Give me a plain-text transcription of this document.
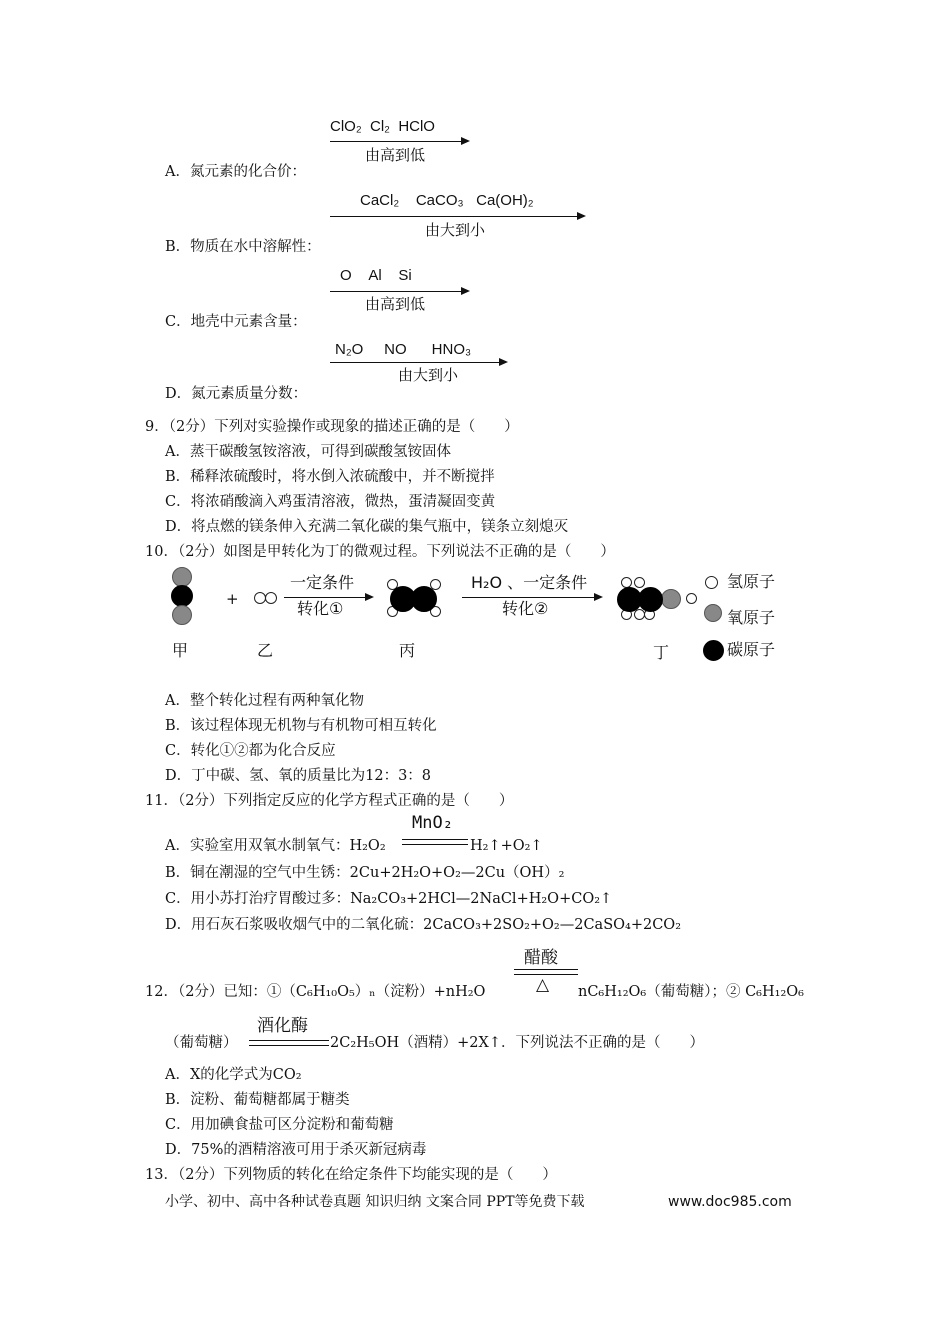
ClO₂  Cl₂  HClO
由高到低
A．氮元素的化合价：
CaCl₂    CaCO₃   Ca(OH)₂
由大到小
B．物质在水中溶解性：
O    Al    Si
由高到低
C．地壳中元素含量：
N₂O     NO      HNO₃
由大到小
D．氮元素质量分数：
9．（2分）下列对实验操作或现象的描述正确的是（　　）
A．蒸干碳酸氢铵溶液，可得到碳酸氢铵固体
B．稀释浓硫酸时，将水倒入浓硫酸中，并不断搅拌
C．将浓硝酸滴入鸡蛋清溶液，微热，蛋清凝固变黄
D．将点燃的镁条伸入充满二氧化碳的集气瓶中，镁条立刻熄灭
10．（2分）如图是甲转化为丁的微观过程。下列说法不正确的是（　　）
+
一定条件
转化①
H₂O 、一定条件
转化②
氢原子
氧原子
碳原子
甲	乙	丙	丁
A．整个转化过程有两种氧化物
B．该过程体现无机物与有机物可相互转化
C．转化①②都为化合反应
D．丁中碳、氢、氧的质量比为12：3：8
11．（2分）下列指定反应的化学方程式正确的是（　　）
A．实验室用双氧水制氧气：H₂O₂
MnO₂
H₂↑+O₂↑
B．铜在潮湿的空气中生锈：2Cu+2H₂O+O₂—2Cu（OH）₂
C．用小苏打治疗胃酸过多：Na₂CO₃+2HCl—2NaCl+H₂O+CO₂↑
D．用石灰石浆吸收烟气中的二氧化硫：2CaCO₃+2SO₂+O₂—2CaSO₄+2CO₂
醋酸
△
12．（2分）已知：①（C₆H₁₀O₅）ₙ（淀粉）+nH₂O	nC₆H₁₂O₆（葡萄糖）；② C₆H₁₂O₆
（葡萄糖）
酒化酶
2C₂H₅OH（酒精）+2X↑．下列说法不正确的是（　　）
A．X的化学式为CO₂
B．淀粉、葡萄糖都属于糖类
C．用加碘食盐可区分淀粉和葡萄糖
D．75%的酒精溶液可用于杀灭新冠病毒
13．（2分）下列物质的转化在给定条件下均能实现的是（　　）
小学、初中、高中各种试卷真题 知识归纳 文案合同 PPT等免费下载	www.doc985.com
